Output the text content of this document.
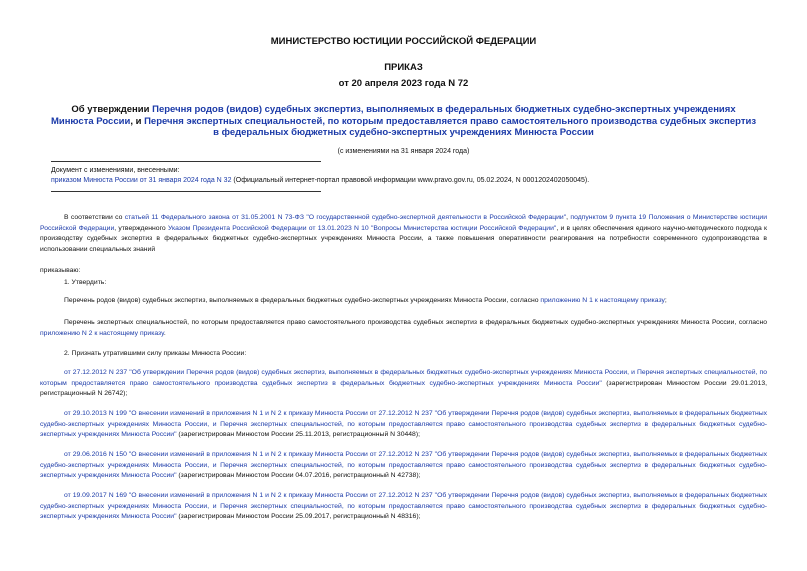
МИНИСТЕРСТВО ЮСТИЦИИ РОССИЙСКОЙ ФЕДЕРАЦИИ
ПРИКАЗ
от 20 апреля 2023 года N 72
Об утверждении Перечня родов (видов) судебных экспертиз, выполняемых в федеральных бюджетных судебно-экспертных учреждениях Минюста России, и Перечня экспертных специальностей, по которым предоставляется право самостоятельного производства судебных экспертиз в федеральных бюджетных судебно-экспертных учреждениях Минюста России
(с изменениями на 31 января 2024 года)
Документ с изменениями, внесенными:
приказом Минюста России от 31 января 2024 года N 32 (Официальный интернет-портал правовой информации www.pravo.gov.ru, 05.02.2024, N 0001202402050045).
В соответствии со статьей 11 Федерального закона от 31.05.2001 N 73-ФЗ "О государственной судебно-экспертной деятельности в Российской Федерации", подпунктом 9 пункта 19 Положения о Министерстве юстиции Российской Федерации, утвержденного Указом Президента Российской Федерации от 13.01.2023 N 10 "Вопросы Министерства юстиции Российской Федерации", и в целях обеспечения единого научно-методического подхода к производству судебных экспертиз в федеральных бюджетных судебно-экспертных учреждениях Минюста России, а также повышения оперативности реагирования на потребности современного судопроизводства в использовании специальных знаний
приказываю:
1. Утвердить:
Перечень родов (видов) судебных экспертиз, выполняемых в федеральных бюджетных судебно-экспертных учреждениях Минюста России, согласно приложению N 1 к настоящему приказу;
Перечень экспертных специальностей, по которым предоставляется право самостоятельного производства судебных экспертиз в федеральных бюджетных судебно-экспертных учреждениях Минюста России, согласно приложению N 2 к настоящему приказу.
2. Признать утратившими силу приказы Минюста России:
от 27.12.2012 N 237 "Об утверждении Перечня родов (видов) судебных экспертиз, выполняемых в федеральных бюджетных судебно-экспертных учреждениях Минюста России, и Перечня экспертных специальностей, по которым предоставляется право самостоятельного производства судебных экспертиз в федеральных бюджетных судебно-экспертных учреждениях Минюста России" (зарегистрирован Минюстом России 29.01.2013, регистрационный N 26742);
от 29.10.2013 N 199 "О внесении изменений в приложения N 1 и N 2 к приказу Минюста России от 27.12.2012 N 237 "Об утверждении Перечня родов (видов) судебных экспертиз, выполняемых в федеральных бюджетных судебно-экспертных учреждениях Минюста России, и Перечня экспертных специальностей, по которым предоставляется право самостоятельного производства судебных экспертиз в федеральных бюджетных судебно-экспертных учреждениях Минюста России" (зарегистрирован Минюстом России 25.11.2013, регистрационный N 30448);
от 29.06.2016 N 150 "О внесении изменений в приложения N 1 и N 2 к приказу Минюста России от 27.12.2012 N 237 "Об утверждении Перечня родов (видов) судебных экспертиз, выполняемых в федеральных бюджетных судебно-экспертных учреждениях Минюста России, и Перечня экспертных специальностей, по которым предоставляется право самостоятельного производства судебных экспертиз в федеральных бюджетных судебно-экспертных учреждениях Минюста России" (зарегистрирован Минюстом России 04.07.2016, регистрационный N 42738);
от 19.09.2017 N 169 "О внесении изменений в приложения N 1 и N 2 к приказу Минюста России от 27.12.2012 N 237 "Об утверждении Перечня родов (видов) судебных экспертиз, выполняемых в федеральных бюджетных судебно-экспертных учреждениях Минюста России, и Перечня экспертных специальностей, по которым предоставляется право самостоятельного производства судебных экспертиз в федеральных бюджетных судебно-экспертных учреждениях Минюста России" (зарегистрирован Минюстом России 25.09.2017, регистрационный N 48316);
